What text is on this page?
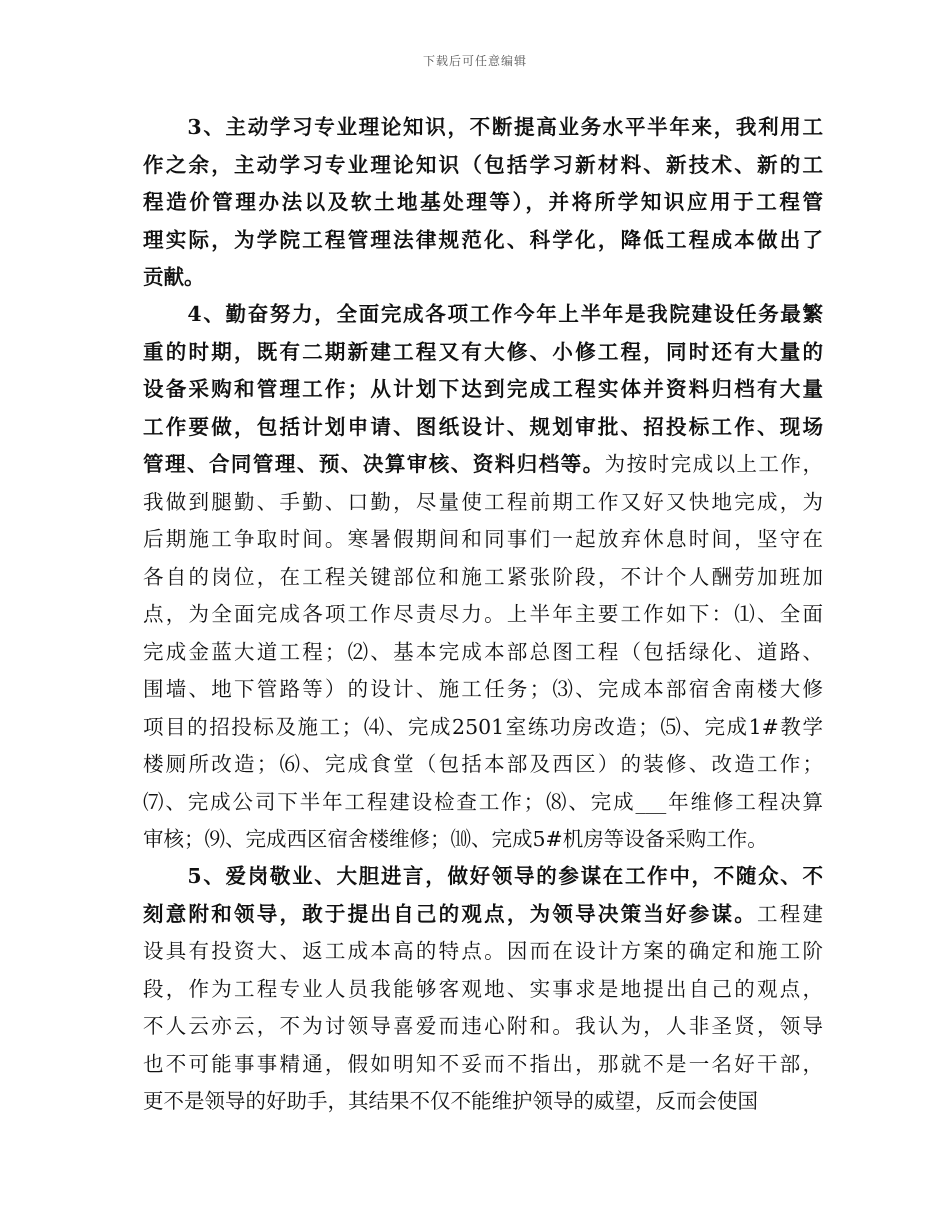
下载后可任意编辑
　　3、主动学习专业理论知识，不断提高业务水平半年来，我利用工
作之余，主动学习专业理论知识（包括学习新材料、新技术、新的工
程造价管理办法以及软土地基处理等），并将所学知识应用于工程管
理实际，为学院工程管理法律规范化、科学化，降低工程成本做出了
贡献。
　　4、勤奋努力，全面完成各项工作今年上半年是我院建设任务最繁
重的时期，既有二期新建工程又有大修、小修工程，同时还有大量的
设备采购和管理工作；从计划下达到完成工程实体并资料归档有大量
工作要做，包括计划申请、图纸设计、规划审批、招投标工作、现场
管理、合同管理、预、决算审核、资料归档等。为按时完成以上工作，
我做到腿勤、手勤、口勤，尽量使工程前期工作又好又快地完成，为
后期施工争取时间。寒暑假期间和同事们一起放弃休息时间，坚守在
各自的岗位，在工程关键部位和施工紧张阶段，不计个人酬劳加班加
点，为全面完成各项工作尽责尽力。上半年主要工作如下：⑴、全面
完成金蓝大道工程；⑵、基本完成本部总图工程（包括绿化、道路、
围墙、地下管路等）的设计、施工任务；⑶、完成本部宿舍南楼大修
项目的招投标及施工；⑷、完成2501室练功房改造；⑸、完成1#教学
楼厕所改造；⑹、完成食堂（包括本部及西区）的装修、改造工作；
⑺、完成公司下半年工程建设检查工作；⑻、完成___年维修工程决算
审核；⑼、完成西区宿舍楼维修；⑽、完成5#机房等设备采购工作。
　　5、爱岗敬业、大胆进言，做好领导的参谋在工作中，不随众、不
刻意附和领导，敢于提出自己的观点，为领导决策当好参谋。工程建
设具有投资大、返工成本高的特点。因而在设计方案的确定和施工阶
段，作为工程专业人员我能够客观地、实事求是地提出自己的观点，
不人云亦云，不为讨领导喜爱而违心附和。我认为，人非圣贤，领导
也不可能事事精通，假如明知不妥而不指出，那就不是一名好干部，
更不是领导的好助手，其结果不仅不能维护领导的威望，反而会使国
